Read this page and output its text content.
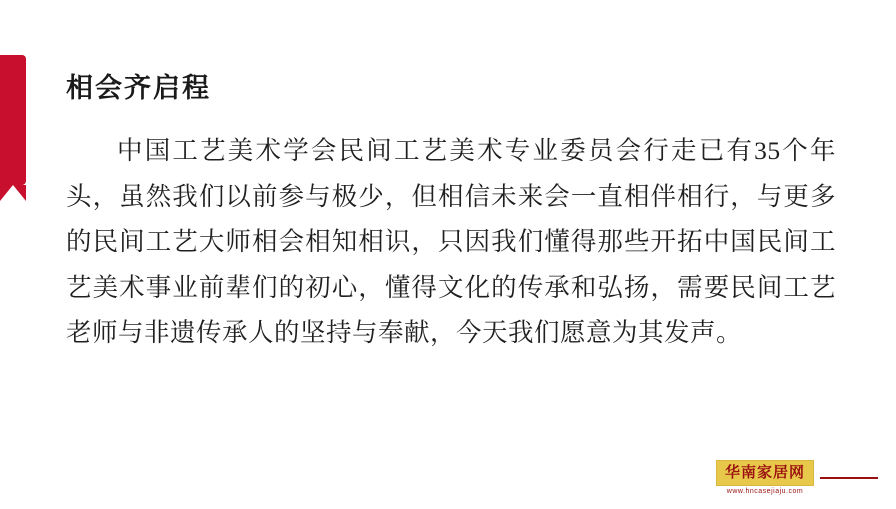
相会齐启程

中国工艺美术学会民间工艺美术专业委员会行走已有35个年头，虽然我们以前参与极少，但相信未来会一直相伴相行，与更多的民间工艺大师相会相知相识，只因我们懂得那些开拓中国民间工艺美术事业前辈们的初心，懂得文化的传承和弘扬，需要民间工艺老师与非遗传承人的坚持与奉献，今天我们愿意为其发声。

华南家居网
www.hncasejiaju.com
